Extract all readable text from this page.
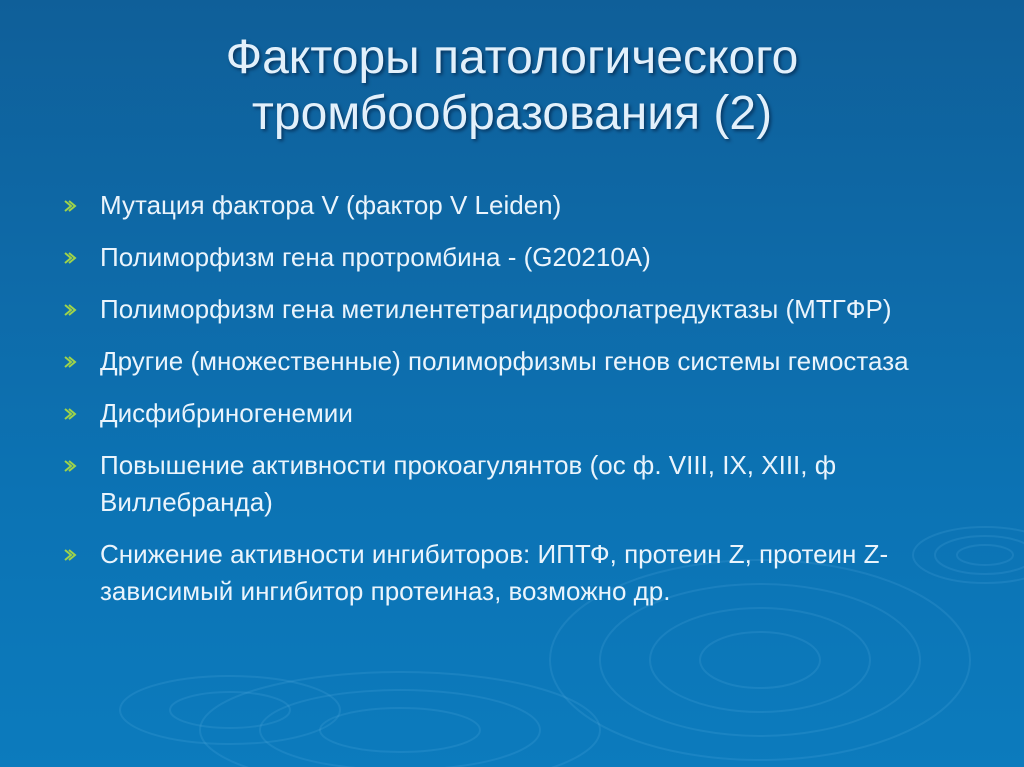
Факторы патологического
тромбообразования (2)
Мутация фактора V (фактор V Leiden)
Полиморфизм гена протромбина - (G20210A)
Полиморфизм гена метилентетрагидрофолатредуктазы (МТГФР)
Другие (множественные) полиморфизмы генов системы гемостаза
Дисфибриногенемии
Повышение активности прокоагулянтов (ос ф. VIII, IX, XIII, ф Виллебранда)
Снижение активности ингибиторов: ИПТФ, протеин Z, протеин Z-зависимый ингибитор протеиназ, возможно др.
